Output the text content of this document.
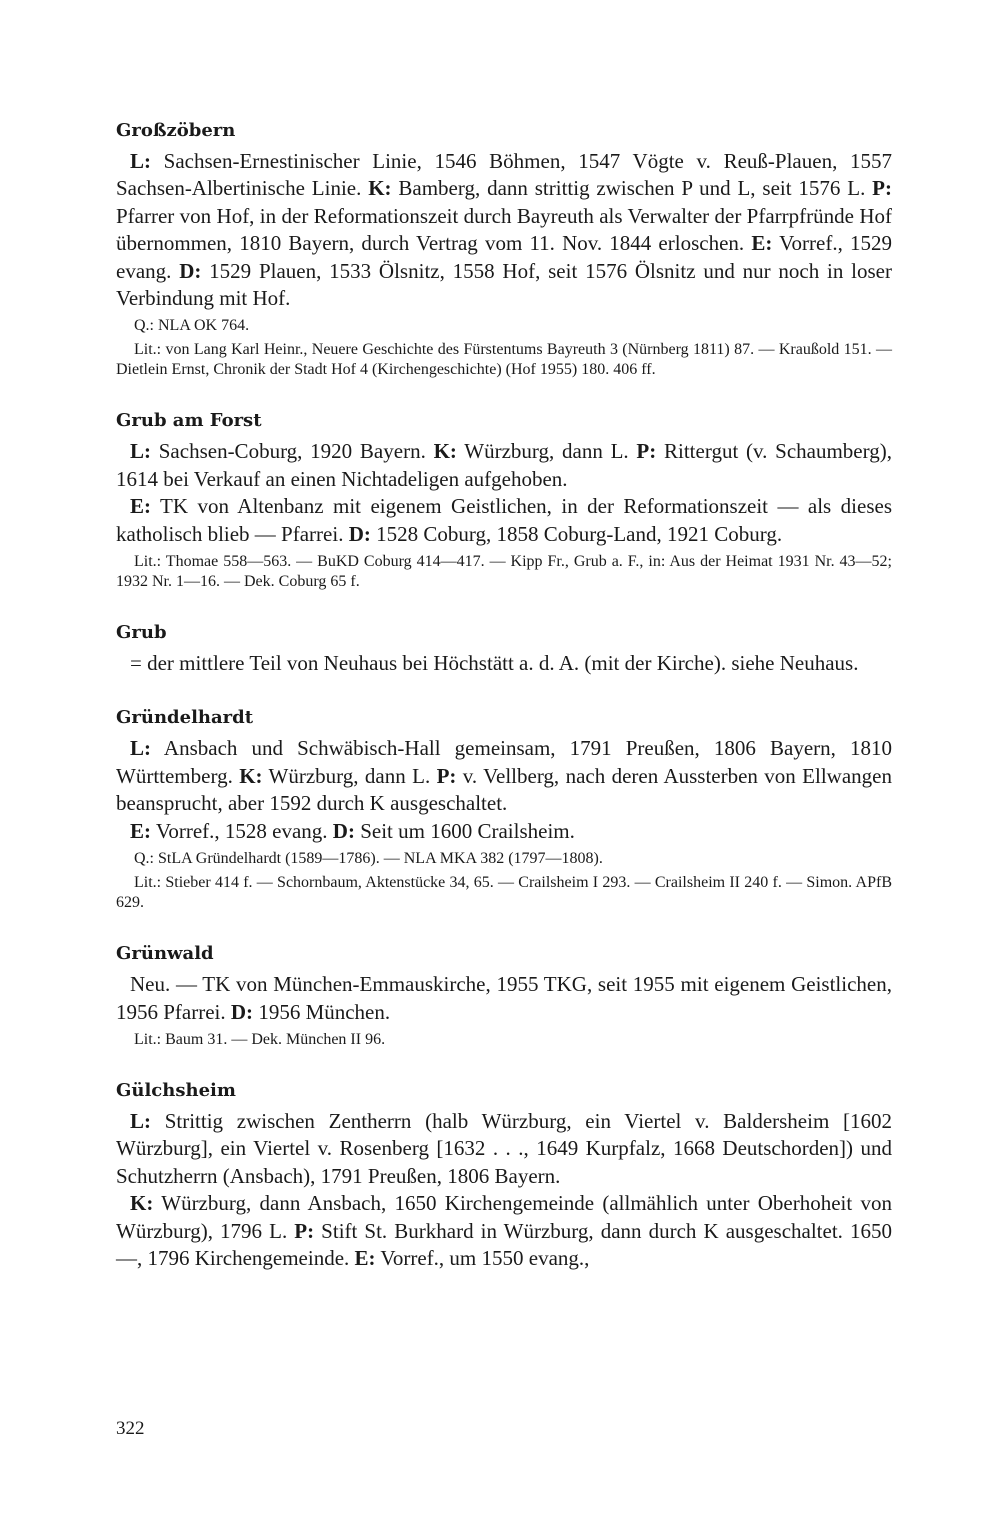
Großzöbern

L: Sachsen-Ernestinischer Linie, 1546 Böhmen, 1547 Vögte v. Reuß-Plauen, 1557 Sachsen-Albertinische Linie. K: Bamberg, dann strittig zwischen P und L, seit 1576 L. P: Pfarrer von Hof, in der Reformationszeit durch Bayreuth als Verwalter der Pfarrpfründe Hof übernommen, 1810 Bayern, durch Vertrag vom 11. Nov. 1844 erloschen. E: Vorref., 1529 evang. D: 1529 Plauen, 1533 Ölsnitz, 1558 Hof, seit 1576 Ölsnitz und nur noch in loser Verbindung mit Hof.

Q.: NLA OK 764.

Lit.: von Lang Karl Heinr., Neuere Geschichte des Fürstentums Bayreuth 3 (Nürnberg 1811) 87. — Kraußold 151. — Dietlein Ernst, Chronik der Stadt Hof 4 (Kirchengeschichte) (Hof 1955) 180. 406 ff.

Grub am Forst

L: Sachsen-Coburg, 1920 Bayern. K: Würzburg, dann L. P: Rittergut (v. Schaumberg), 1614 bei Verkauf an einen Nichtadeligen aufgehoben.

E: TK von Altenbanz mit eigenem Geistlichen, in der Reformationszeit — als dieses katholisch blieb — Pfarrei. D: 1528 Coburg, 1858 Coburg-Land, 1921 Coburg.

Lit.: Thomae 558—563. — BuKD Coburg 414—417. — Kipp Fr., Grub a. F., in: Aus der Heimat 1931 Nr. 43—52; 1932 Nr. 1—16. — Dek. Coburg 65 f.

Grub

= der mittlere Teil von Neuhaus bei Höchstätt a. d. A. (mit der Kirche). siehe Neuhaus.

Gründelhardt

L: Ansbach und Schwäbisch-Hall gemeinsam, 1791 Preußen, 1806 Bayern, 1810 Württemberg. K: Würzburg, dann L. P: v. Vellberg, nach deren Aussterben von Ellwangen beansprucht, aber 1592 durch K ausgeschaltet.

E: Vorref., 1528 evang. D: Seit um 1600 Crailsheim.

Q.: StLA Gründelhardt (1589—1786). — NLA MKA 382 (1797—1808).

Lit.: Stieber 414 f. — Schornbaum, Aktenstücke 34, 65. — Crailsheim I 293. — Crailsheim II 240 f. — Simon. APfB 629.

Grünwald

Neu. — TK von München-Emmauskirche, 1955 TKG, seit 1955 mit eigenem Geistlichen, 1956 Pfarrei. D: 1956 München.

Lit.: Baum 31. — Dek. München II 96.

Gülchsheim

L: Strittig zwischen Zentherrn (halb Würzburg, ein Viertel v. Baldersheim [1602 Würzburg], ein Viertel v. Rosenberg [1632 . . ., 1649 Kurpfalz, 1668 Deutschorden]) und Schutzherrn (Ansbach), 1791 Preußen, 1806 Bayern.

K: Würzburg, dann Ansbach, 1650 Kirchengemeinde (allmählich unter Oberhoheit von Würzburg), 1796 L. P: Stift St. Burkhard in Würzburg, dann durch K ausgeschaltet. 1650 —, 1796 Kirchengemeinde. E: Vorref., um 1550 evang.,

322
